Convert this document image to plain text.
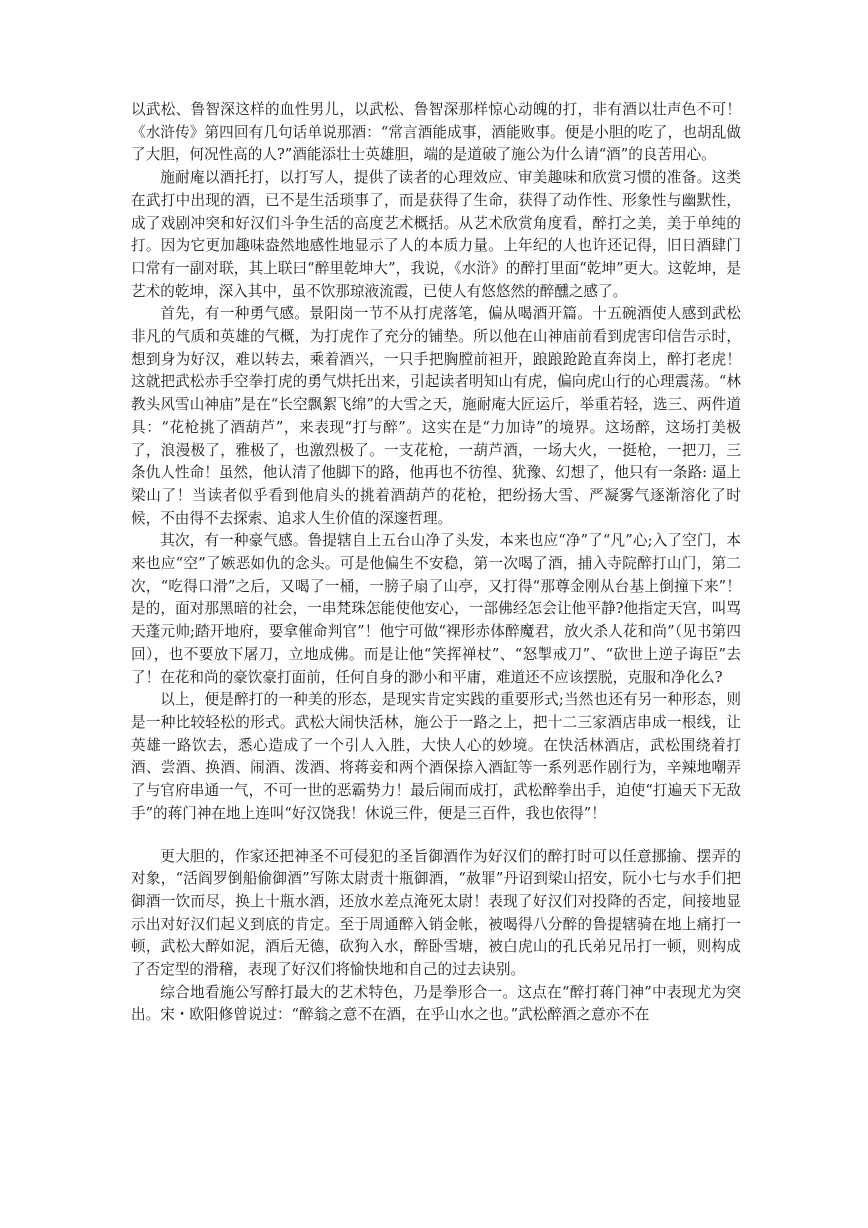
以武松、鲁智深这样的血性男儿，以武松、鲁智深那样惊心动魄的打，非有酒以壮声色不可！《水浒传》第四回有几句话单说那酒：“常言酒能成事，酒能败事。便是小胆的吃了，也胡乱做了大胆，何况性高的人?”酒能添壮士英雄胆，端的是道破了施公为什么请“酒”的良苦用心。

施耐庵以酒托打，以打写人，提供了读者的心理效应、审美趣味和欣赏习惯的准备。这类在武打中出现的酒，已不是生活琐事了，而是获得了生命，获得了动作性、形象性与幽默性，成了戏剧冲突和好汉们斗争生活的高度艺术概括。从艺术欣赏角度看，醉打之美，美于单纯的打。因为它更加趣味盎然地感性地显示了人的本质力量。上年纪的人也许还记得，旧日酒肆门口常有一副对联，其上联曰“醉里乾坤大”，我说，《水浒》的醉打里面“乾坤”更大。这乾坤，是艺术的乾坤，深入其中，虽不饮那琼液流霞，已使人有悠悠然的醉醺之感了。

首先，有一种勇气感。景阳岗一节不从打虎落笔，偏从喝酒开篇。十五碗酒使人感到武松非凡的气质和英雄的气概，为打虎作了充分的铺垫。所以他在山神庙前看到虎害印信告示时，想到身为好汉，难以转去，乘着酒兴，一只手把胸膛前袒开，踉踉跄跄直奔岗上，醉打老虎！这就把武松赤手空拳打虎的勇气烘托出来，引起读者明知山有虎，偏向虎山行的心理震荡。“林教头风雪山神庙”是在“长空飘絮飞绵”的大雪之天，施耐庵大匠运斤，举重若轻，选三、两件道具：“花枪挑了酒葫芦”，来表现“打与醉”。这实在是“力加诗”的境界。这场醉，这场打美极了，浪漫极了，雅极了，也激烈极了。一支花枪，一葫芦酒，一场大火，一挺枪，一把刀，三条仇人性命！虽然，他认清了他脚下的路，他再也不彷徨、犹豫、幻想了，他只有一条路: 逼上梁山了！当读者似乎看到他肩头的挑着酒葫芦的花枪，把纷扬大雪、严凝雾气逐渐溶化了时候，不由得不去探索、追求人生价值的深邃哲理。

其次，有一种豪气感。鲁提辖自上五台山净了头发，本来也应“净”了“凡”心;入了空门，本来也应“空”了嫉恶如仇的念头。可是他偏生不安稳，第一次喝了酒，捕入寺院醉打山门，第二次，“吃得口滑”之后，又喝了一桶，一膀子扇了山亭，又打得“那尊金刚从台基上倒撞下来”！是的，面对那黑暗的社会，一串梵珠怎能使他安心，一部佛经怎会让他平静?他指定天宫，叫骂天蓬元帅;踏开地府，要拿催命判官”！他宁可做“裸形赤体醉魔君，放火杀人花和尚”（见书第四回），也不要放下屠刀，立地成佛。而是让他“笑挥禅杖”、“怒掣戒刀”、“砍世上逆子诲臣”去了！在花和尚的豪饮豪打面前，任何自身的渺小和平庸，难道还不应该摆脱，克服和净化么?

以上，便是醉打的一种美的形态，是现实肯定实践的重要形式;当然也还有另一种形态，则是一种比较轻松的形式。武松大闹快活林，施公于一路之上，把十二三家酒店串成一根线，让英雄一路饮去，悉心造成了一个引人入胜，大快人心的妙境。在快活林酒店，武松围绕着打酒、尝酒、换酒、闹酒、泼酒、将蒋妾和两个酒保捺入酒缸等一系列恶作剧行为，辛辣地嘲弄了与官府串通一气，不可一世的恶霸势力！最后闹而成打，武松醉拳出手，迫使“打遍天下无敌手”的蒋门神在地上连叫“好汉饶我！休说三件，便是三百件，我也依得”！

更大胆的，作家还把神圣不可侵犯的圣旨御酒作为好汉们的醉打时可以任意挪揄、摆弄的对象，“活阎罗倒船偷御酒”写陈太尉责十瓶御酒，“赦罪”丹诏到梁山招安，阮小七与水手们把御酒一饮而尽，换上十瓶水酒，还放水差点淹死太尉！表现了好汉们对投降的否定，间接地显示出对好汉们起义到底的肯定。至于周通醉入销金帐，被喝得八分醉的鲁提辖骑在地上痛打一顿，武松大醉如泥，酒后无德，砍狗入水，醉卧雪塘，被白虎山的孔氏弟兄吊打一顿，则构成了否定型的滑稽，表现了好汉们将愉快地和自己的过去诀别。

综合地看施公写醉打最大的艺术特色，乃是拳形合一。这点在“醉打蒋门神”中表现尤为突出。宋・欧阳修曾说过：“醉翁之意不在酒，在乎山水之也。”武松醉酒之意亦不在
